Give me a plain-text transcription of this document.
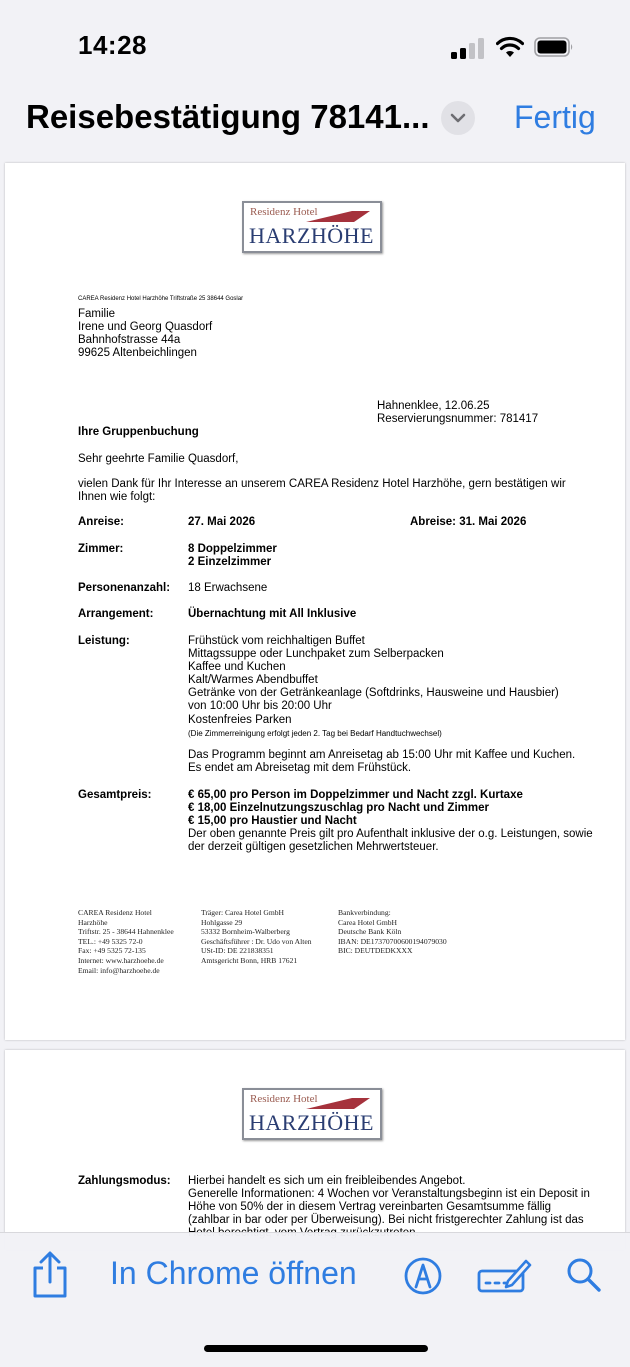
14:28
Reisebestätigung 78141...	Fertig
Residenz Hotel
HARZHÖHE
CAREA Residenz Hotel Harzhöhe Triftstraße 25 38644 Goslar
Familie
Irene und Georg Quasdorf
Bahnhofstrasse 44a
99625 Altenbeichlingen
Hahnenklee, 12.06.25
Reservierungsnummer: 781417
Ihre Gruppenbuchung
Sehr geehrte Familie Quasdorf,
vielen Dank für Ihr Interesse an unserem CAREA Residenz Hotel Harzhöhe, gern bestätigen wir
Ihnen wie folgt:
Anreise:	27. Mai 2026	Abreise: 31. Mai 2026
Zimmer:	8 Doppelzimmer
2 Einzelzimmer
Personenanzahl: 18 Erwachsene
Arrangement:	Übernachtung mit All Inklusive
Leistung:	Frühstück vom reichhaltigen Buffet
Mittagssuppe oder Lunchpaket zum Selberpacken
Kaffee und Kuchen
Kalt/Warmes Abendbuffet
Getränke von der Getränkeanlage (Softdrinks, Hausweine und Hausbier)
von 10:00 Uhr bis 20:00 Uhr
Kostenfreies Parken
(Die Zimmerreinigung erfolgt jeden 2. Tag bei Bedarf Handtuchwechsel)
Das Programm beginnt am Anreisetag ab 15:00 Uhr mit Kaffee und Kuchen.
Es endet am Abreisetag mit dem Frühstück.
Gesamtpreis:	€ 65,00 pro Person im Doppelzimmer und Nacht zzgl. Kurtaxe
€ 18,00 Einzelnutzungszuschlag pro Nacht und Zimmer
€ 15,00 pro Haustier und Nacht
Der oben genannte Preis gilt pro Aufenthalt inklusive der o.g. Leistungen, sowie
der derzeit gültigen gesetzlichen Mehrwertsteuer.
CAREA Residenz Hotel
Harzhöhe
Triftstr. 25 - 38644 Hahnenklee
TEL.: +49 5325 72-0
Fax: +49 5325 72-135
Internet: www.harzhoehe.de
Email: info@harzhoehe.de
Träger: Carea Hotel GmbH
Hohlgasse 29
53332 Bornheim-Walberberg
Geschäftsführer : Dr. Udo von Alten
USt-ID: DE 221838351
Amtsgericht Bonn, HRB 17621
Bankverbindung:
Carea Hotel GmbH
Deutsche Bank Köln
IBAN: DE17370700600194079030
BIC: DEUTDEDKXXX
Residenz Hotel
HARZHÖHE
Zahlungsmodus: Hierbei handelt es sich um ein freibleibendes Angebot.
Generelle Informationen: 4 Wochen vor Veranstaltungsbeginn ist ein Deposit in
Höhe von 50% der in diesem Vertrag vereinbarten Gesamtsumme fällig
(zahlbar in bar oder per Überweisung). Bei nicht fristgerechter Zahlung ist das
In Chrome öffnen
